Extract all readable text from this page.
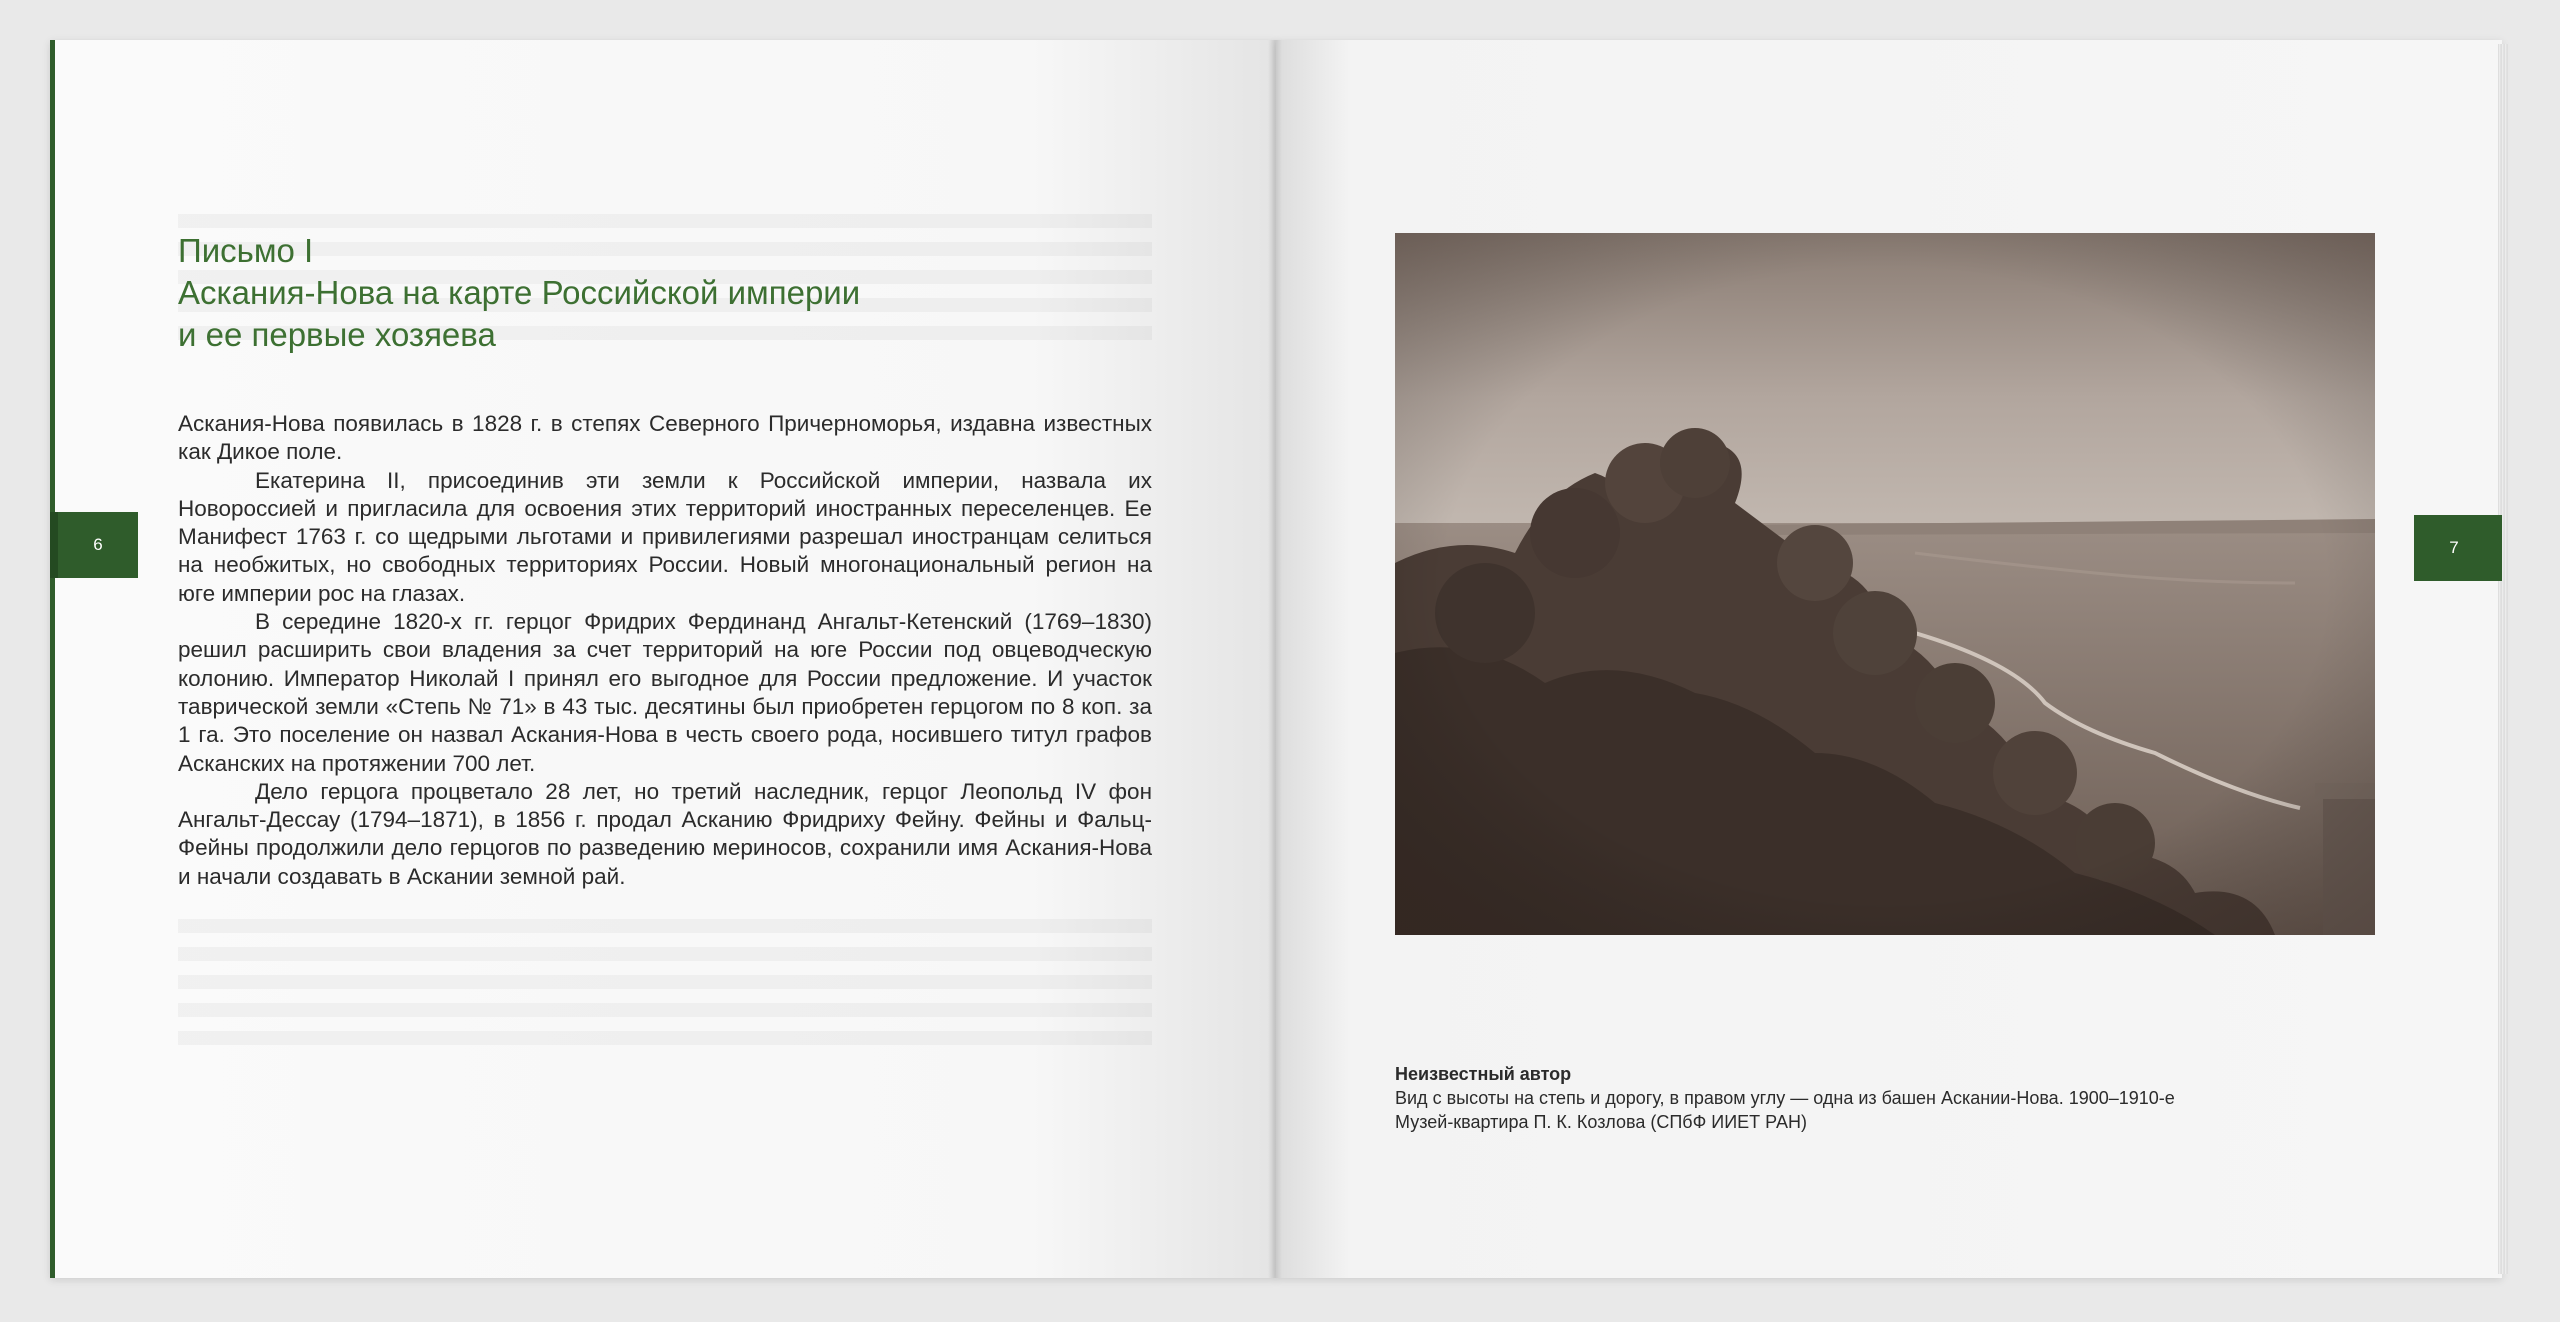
6
Письмо I
Аскания-Нова на карте Российской империи
и ее первые хозяева

Аскания-Нова появилась в 1828 г. в степях Северного Причерноморья, издавна известных как Дикое поле.

Екатерина II, присоединив эти земли к Российской империи, назвала их Новороссией и пригласила для освоения этих территорий иностранных переселенцев. Ее Манифест 1763 г. со щедрыми льготами и привилегиями разрешал иностранцам селиться на необжитых, но свободных территориях России. Новый многонациональный регион на юге империи рос на глазах.

В середине 1820-х гг. герцог Фридрих Фердинанд Ангальт-Кетенский (1769–1830) решил расширить свои владения за счет территорий на юге России под овцеводческую колонию. Император Николай I принял его выгодное для России предложение. И участок таврической земли «Степь № 71» в 43 тыс. десятины был приобретен герцогом по 8 коп. за 1 га. Это поселение он назвал Аскания-Нова в честь своего рода, носившего титул графов Асканских на протяжении 700 лет.

Дело герцога процветало 28 лет, но третий наследник, герцог Леопольд IV фон Ангальт-Дессау (1794–1871), в 1856 г. продал Асканию Фридриху Фейну. Фейны и Фальц-Фейны продолжили дело герцогов по разведению мериносов, сохранили имя Аскания-Нова и начали создавать в Аскании земной рай.

7
Неизвестный автор
Вид с высоты на степь и дорогу, в правом углу — одна из башен Аскании-Нова. 1900–1910-е
Музей-квартира П. К. Козлова (СПбФ ИИЕТ РАН)
